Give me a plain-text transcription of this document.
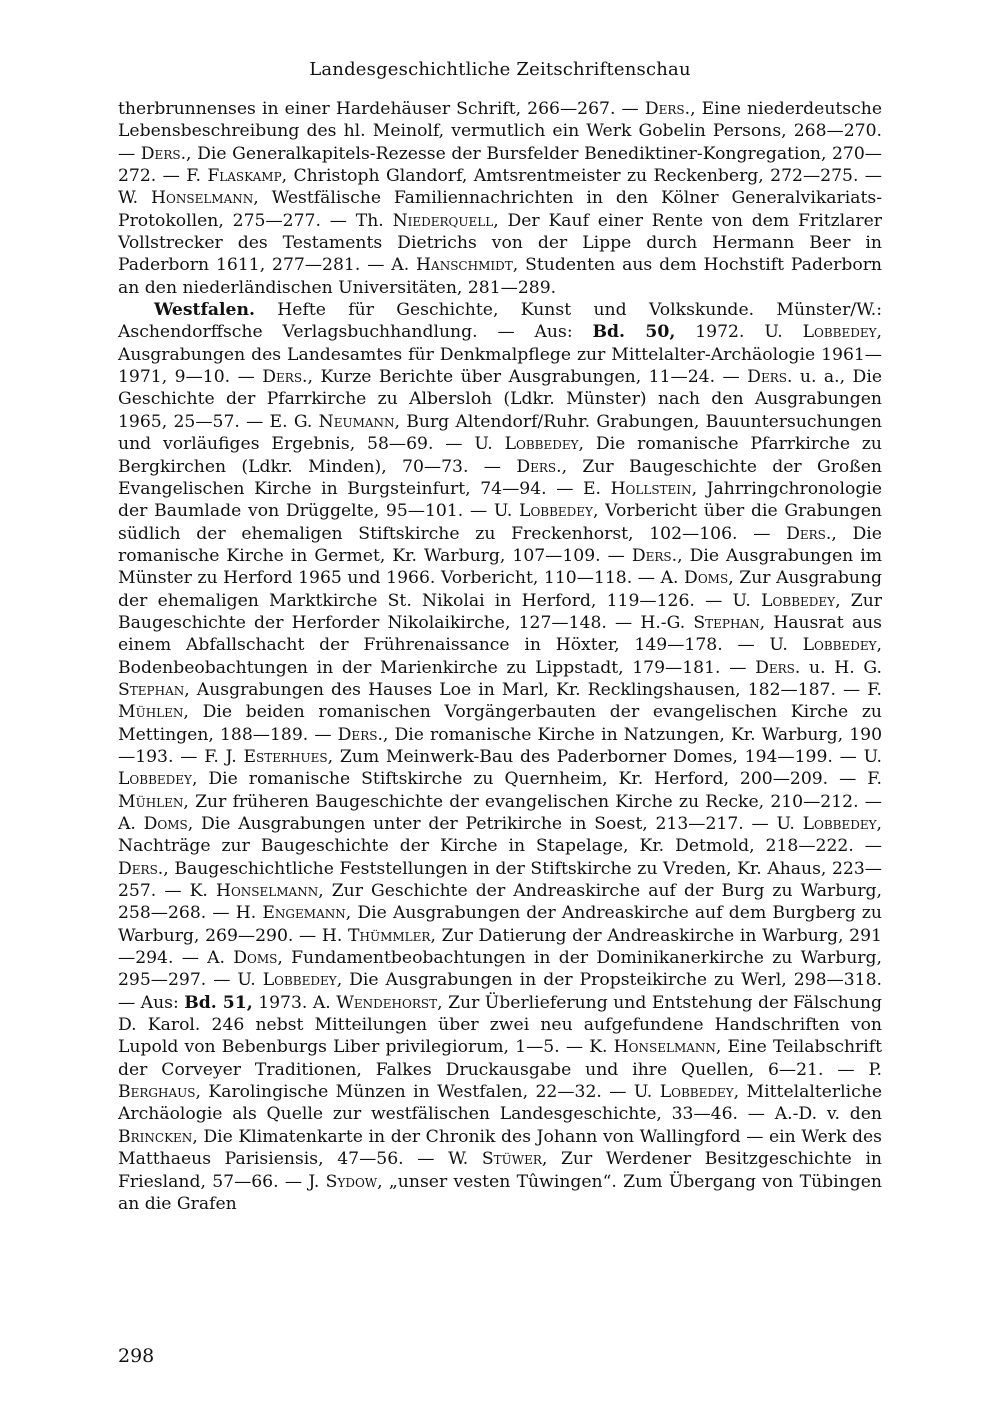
Landesgeschichtliche Zeitschriftenschau

therbrunnenses in einer Hardehäuser Schrift, 266—267. — Ders., Eine niederdeutsche Lebensbeschreibung des hl. Meinolf, vermutlich ein Werk Gobelin Persons, 268—270. — Ders., Die Generalkapitels-Rezesse der Bursfelder Benediktiner-Kongregation, 270—272. — F. Flaskamp, Christoph Glandorf, Amtsrentmeister zu Reckenberg, 272—275. — W. Honselmann, Westfälische Familiennachrichten in den Kölner Generalvikariats-Protokollen, 275—277. — Th. Niederquell, Der Kauf einer Rente von dem Fritzlarer Vollstrecker des Testaments Dietrichs von der Lippe durch Hermann Beer in Paderborn 1611, 277—281. — A. Hanschmidt, Studenten aus dem Hochstift Paderborn an den niederländischen Universitäten, 281—289.

Westfalen. Hefte für Geschichte, Kunst und Volkskunde. Münster/W.: Aschendorffsche Verlagsbuchhandlung. — Aus: Bd. 50, 1972. U. Lobbedey, Ausgrabungen des Landesamtes für Denkmalpflege zur Mittelalter-Archäologie 1961—1971, 9—10. — Ders., Kurze Berichte über Ausgrabungen, 11—24. — Ders. u. a., Die Geschichte der Pfarrkirche zu Albersloh (Ldkr. Münster) nach den Ausgrabungen 1965, 25—57. — E. G. Neumann, Burg Altendorf/Ruhr. Grabungen, Bauuntersuchungen und vorläufiges Ergebnis, 58—69. — U. Lobbedey, Die romanische Pfarrkirche zu Bergkirchen (Ldkr. Minden), 70—73. — Ders., Zur Baugeschichte der Großen Evangelischen Kirche in Burgsteinfurt, 74—94. — E. Hollstein, Jahrringchronologie der Baumlade von Drüggelte, 95—101. — U. Lobbedey, Vorbericht über die Grabungen südlich der ehemaligen Stiftskirche zu Freckenhorst, 102—106. — Ders., Die romanische Kirche in Germet, Kr. Warburg, 107—109. — Ders., Die Ausgrabungen im Münster zu Herford 1965 und 1966. Vorbericht, 110—118. — A. Doms, Zur Ausgrabung der ehemaligen Marktkirche St. Nikolai in Herford, 119—126. — U. Lobbedey, Zur Baugeschichte der Herforder Nikolaikirche, 127—148. — H.-G. Stephan, Hausrat aus einem Abfallschacht der Frührenaissance in Höxter, 149—178. — U. Lobbedey, Bodenbeobachtungen in der Marienkirche zu Lippstadt, 179—181. — Ders. u. H. G. Stephan, Ausgrabungen des Hauses Loe in Marl, Kr. Recklingshausen, 182—187. — F. Mühlen, Die beiden romanischen Vorgängerbauten der evangelischen Kirche zu Mettingen, 188—189. — Ders., Die romanische Kirche in Natzungen, Kr. Warburg, 190—193. — F. J. Esterhues, Zum Meinwerk-Bau des Paderborner Domes, 194—199. — U. Lobbedey, Die romanische Stiftskirche zu Quernheim, Kr. Herford, 200—209. — F. Mühlen, Zur früheren Baugeschichte der evangelischen Kirche zu Recke, 210—212. — A. Doms, Die Ausgrabungen unter der Petrikirche in Soest, 213—217. — U. Lobbedey, Nachträge zur Baugeschichte der Kirche in Stapelage, Kr. Detmold, 218—222. — Ders., Baugeschichtliche Feststellungen in der Stiftskirche zu Vreden, Kr. Ahaus, 223—257. — K. Honselmann, Zur Geschichte der Andreaskirche auf der Burg zu Warburg, 258—268. — H. Engemann, Die Ausgrabungen der Andreaskirche auf dem Burgberg zu Warburg, 269—290. — H. Thümmler, Zur Datierung der Andreaskirche in Warburg, 291—294. — A. Doms, Fundamentbeobachtungen in der Dominikanerkirche zu Warburg, 295—297. — U. Lobbedey, Die Ausgrabungen in der Propsteikirche zu Werl, 298—318. — Aus: Bd. 51, 1973. A. Wendehorst, Zur Überlieferung und Entstehung der Fälschung D. Karol. 246 nebst Mitteilungen über zwei neu aufgefundene Handschriften von Lupold von Bebenburgs Liber privilegiorum, 1—5. — K. Honselmann, Eine Teilabschrift der Corveyer Traditionen, Falkes Druckausgabe und ihre Quellen, 6—21. — P. Berghaus, Karolingische Münzen in Westfalen, 22—32. — U. Lobbedey, Mittelalterliche Archäologie als Quelle zur westfälischen Landesgeschichte, 33—46. — A.-D. v. den Brincken, Die Klimatenkarte in der Chronik des Johann von Wallingford — ein Werk des Matthaeus Parisiensis, 47—56. — W. Stüwer, Zur Werdener Besitzgeschichte in Friesland, 57—66. — J. Sydow, „unser vesten Tûwingen“. Zum Übergang von Tübingen an die Grafen

298
